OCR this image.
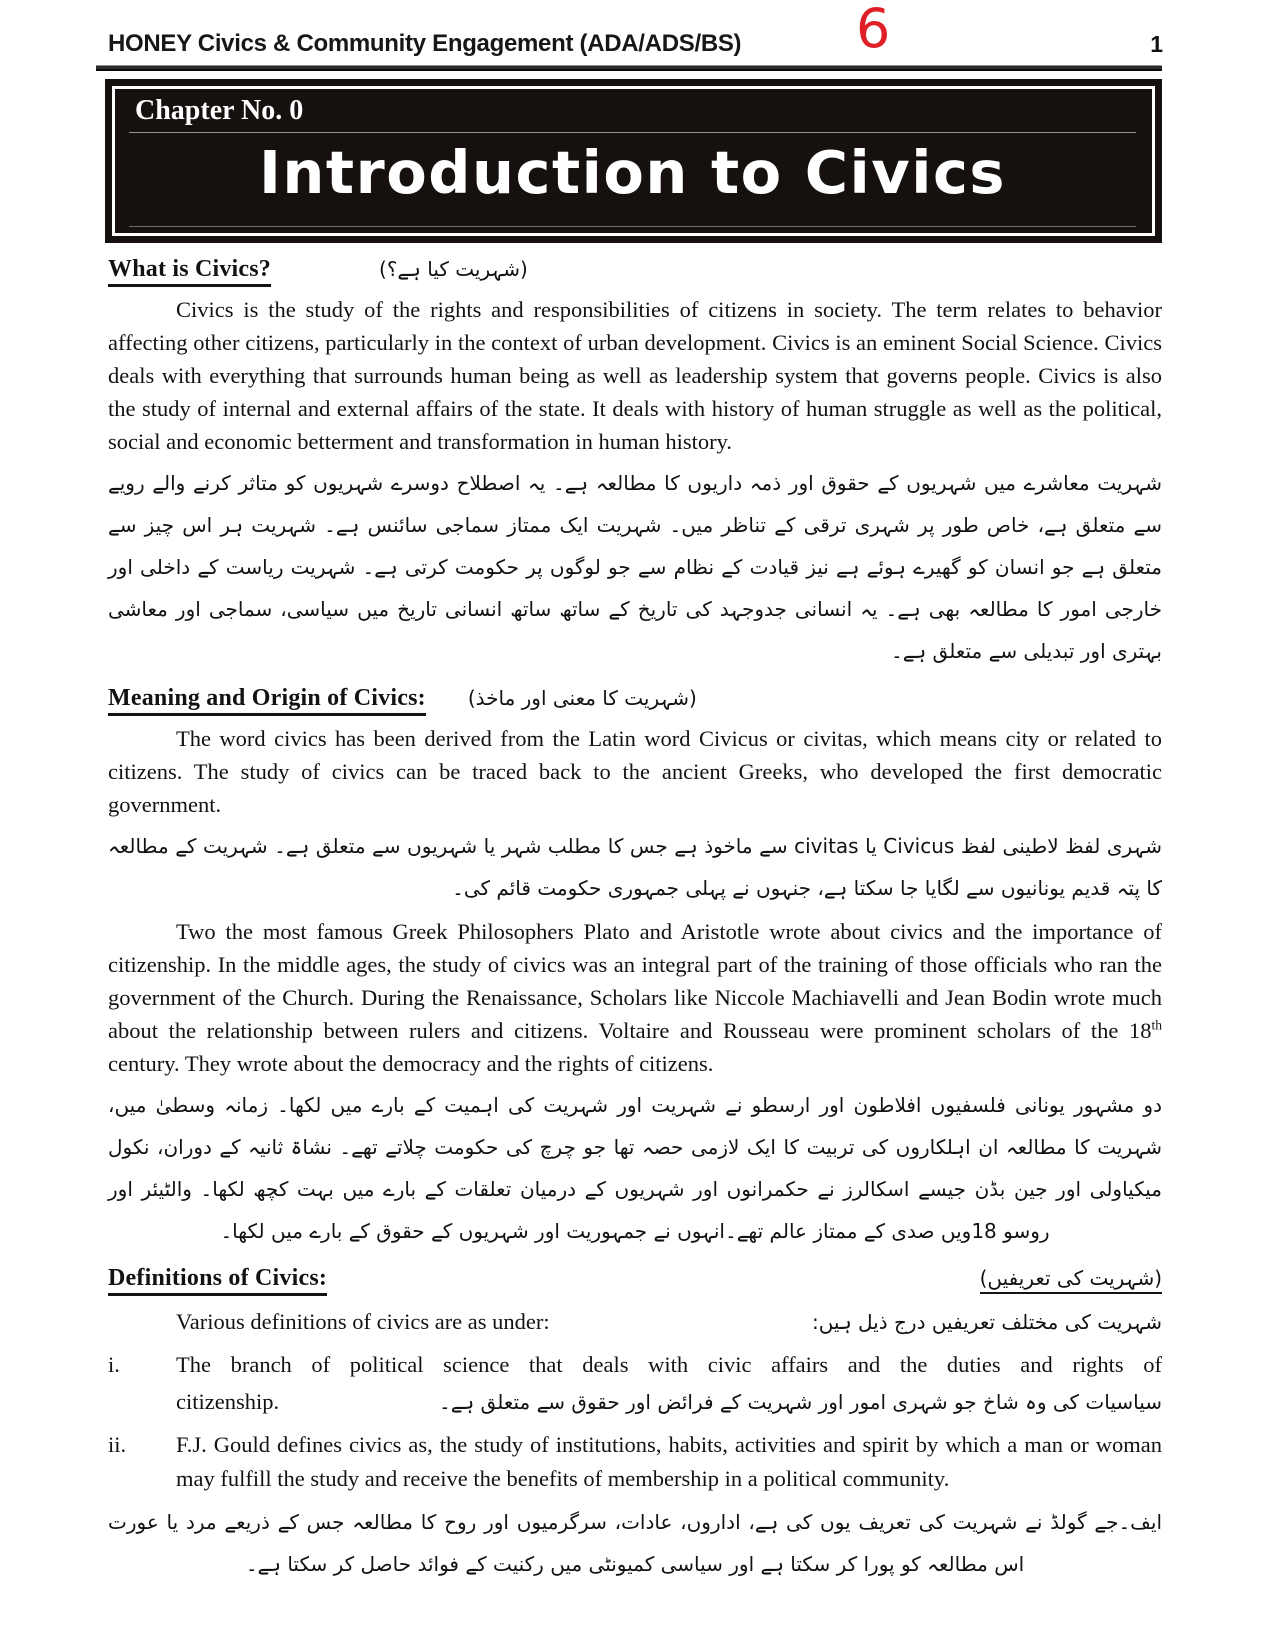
HONEY Civics & Community Engagement (ADA/ADS/BS) 6	1
Chapter No. 0
Introduction to Civics
What is Civics?	(شہریت کیا ہے؟)

Civics is the study of the rights and responsibilities of citizens in society. The term relates to behavior affecting other citizens, particularly in the context of urban development. Civics is an eminent Social Science. Civics deals with everything that surrounds human being as well as leadership system that governs people. Civics is also the study of internal and external affairs of the state. It deals with history of human struggle as well as the political, social and economic betterment and transformation in human history.

شہریت معاشرے میں شہریوں کے حقوق اور ذمہ داریوں کا مطالعہ ہے۔ یہ اصطلاح دوسرے شہریوں کو متاثر کرنے والے رویے سے متعلق ہے، خاص طور پر شہری ترقی کے تناظر میں۔ شہریت ایک ممتاز سماجی سائنس ہے۔ شہریت ہر اس چیز سے متعلق ہے جو انسان کو گھیرے ہوئے ہے نیز قیادت کے نظام سے جو لوگوں پر حکومت کرتی ہے۔ شہریت ریاست کے داخلی اور خارجی امور کا مطالعہ بھی ہے۔ یہ انسانی جدوجہد کی تاریخ کے ساتھ ساتھ انسانی تاریخ میں سیاسی، سماجی اور معاشی بہتری اور تبدیلی سے متعلق ہے۔

Meaning and Origin of Civics: (شہریت کا معنی اور ماخذ)

The word civics has been derived from the Latin word Civicus or civitas, which means city or related to citizens. The study of civics can be traced back to the ancient Greeks, who developed the first democratic government.

شہری لفظ لاطینی لفظ Civicus یا civitas سے ماخوذ ہے جس کا مطلب شہر یا شہریوں سے متعلق ہے۔ شہریت کے مطالعہ کا پتہ قدیم یونانیوں سے لگایا جا سکتا ہے، جنہوں نے پہلی جمہوری حکومت قائم کی۔

Two the most famous Greek Philosophers Plato and Aristotle wrote about civics and the importance of citizenship. In the middle ages, the study of civics was an integral part of the training of those officials who ran the government of the Church. During the Renaissance, Scholars like Niccole Machiavelli and Jean Bodin wrote much about the relationship between rulers and citizens. Voltaire and Rousseau were prominent scholars of the 18th century. They wrote about the democracy and the rights of citizens.

دو مشہور یونانی فلسفیوں افلاطون اور ارسطو نے شہریت اور شہریت کی اہمیت کے بارے میں لکھا۔ زمانہ وسطیٰ میں، شہریت کا مطالعہ ان اہلکاروں کی تربیت کا ایک لازمی حصہ تھا جو چرچ کی حکومت چلاتے تھے۔ نشاۃ ثانیہ کے دوران، نکول میکیاولی اور جین بڈن جیسے اسکالرز نے حکمرانوں اور شہریوں کے درمیان تعلقات کے بارے میں بہت کچھ لکھا۔ والٹیئر اور روسو 18ویں صدی کے ممتاز عالم تھے۔انہوں نے جمہوریت اور شہریوں کے حقوق کے بارے میں لکھا۔

Definitions of Civics:	(شہریت کی تعریفیں)
Various definitions of civics are as under:	شہریت کی مختلف تعریفیں درج ذیل ہیں:
i.	The branch of political science that deals with civic affairs and the duties and rights of
citizenship.	سیاسیات کی وہ شاخ جو شہری امور اور شہریت کے فرائض اور حقوق سے متعلق ہے۔
ii.	F.J. Gould defines civics as, the study of institutions, habits, activities and spirit by which a man or woman may fulfill the study and receive the benefits of membership in a political community.

ایف۔جے گولڈ نے شہریت کی تعریف یوں کی ہے، اداروں، عادات، سرگرمیوں اور روح کا مطالعہ جس کے ذریعے مرد یا عورت اس مطالعہ کو پورا کر سکتا ہے اور سیاسی کمیونٹی میں رکنیت کے فوائد حاصل کر سکتا ہے۔
